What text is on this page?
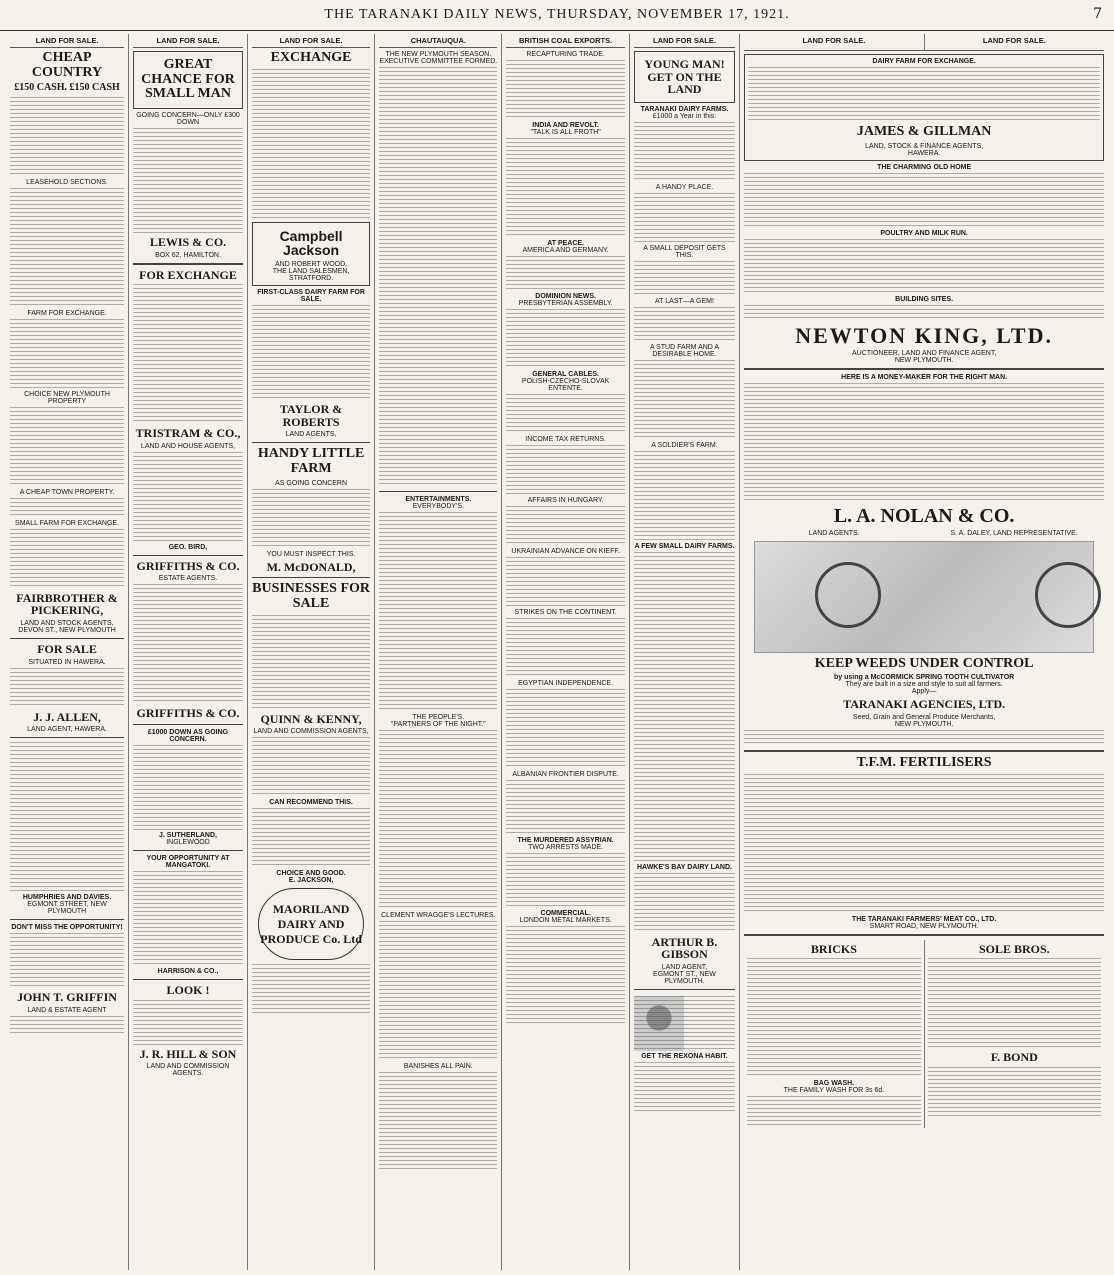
THE TARANAKI DAILY NEWS, THURSDAY, NOVEMBER 17, 1921.	7
LAND FOR SALE.
CHEAP COUNTRY
£150 CASH. £150 CASH
LEASEHOLD SECTIONS.
FARM FOR EXCHANGE.
CHOICE NEW PLYMOUTH PROPERTY
A CHEAP TOWN PROPERTY.
SMALL FARM FOR EXCHANGE.
FAIRBROTHER & PICKERING,
LAND AND STOCK AGENTS,
DEVON ST., NEW PLYMOUTH
FOR SALE
SITUATED IN HAWERA.
J. J. ALLEN,
LAND AGENT, HAWERA.
HUMPHRIES AND DAVIES.
EGMONT STREET, NEW PLYMOUTH
DON'T MISS THE OPPORTUNITY!
JOHN T. GRIFFIN
LAND & ESTATE AGENT
LAND FOR SALE.
GREAT CHANCE FOR SMALL MAN
GOING CONCERN—ONLY £300 DOWN
LEWIS & CO.
BOX 62, HAMILTON.
FOR EXCHANGE
TRISTRAM & CO.,
LAND AND HOUSE AGENTS,
GEO. BIRD,
GRIFFITHS & CO.
ESTATE AGENTS.
GRIFFITHS & CO.
£1000 DOWN AS GOING CONCERN.
J. SUTHERLAND,
INGLEWOOD
YOUR OPPORTUNITY AT MANGATOKI.
HARRISON & CO.,
LOOK !
J. R. HILL & SON
LAND AND COMMISSION AGENTS.
LAND FOR SALE.
EXCHANGE
Campbell Jackson
AND ROBERT WOOD,
THE LAND SALESMEN,
STRATFORD.
FIRST-CLASS DAIRY FARM FOR SALE.
TAYLOR & ROBERTS
LAND AGENTS,
HANDY LITTLE FARM
AS GOING CONCERN
YOU MUST INSPECT THIS.
M. McDONALD,
BUSINESSES FOR SALE
QUINN & KENNY,
LAND AND COMMISSION AGENTS,
CAN RECOMMEND THIS.
CHOICE AND GOOD.
E. JACKSON,
MAORILAND DAIRY AND PRODUCE Co. Ltd
CHAUTAUQUA.
THE NEW PLYMOUTH SEASON.
EXECUTIVE COMMITTEE FORMED.
ENTERTAINMENTS.
EVERYBODY'S.
THE PEOPLE'S.
"PARTNERS OF THE NIGHT."
CLEMENT WRAGGE'S LECTURES.
BANISHES ALL PAIN.
BRITISH COAL EXPORTS.
RECAPTURING TRADE.
INDIA AND REVOLT.
"TALK IS ALL FROTH"
AT PEACE.
AMERICA AND GERMANY.
DOMINION NEWS.
PRESBYTERIAN ASSEMBLY.
GENERAL CABLES.
POLISH-CZECHO-SLOVAK ENTENTE.
INCOME TAX RETURNS.
AFFAIRS IN HUNGARY.
UKRAINIAN ADVANCE ON KIEFF.
STRIKES ON THE CONTINENT.
EGYPTIAN INDEPENDENCE.
ALBANIAN FRONTIER DISPUTE.
THE MURDERED ASSYRIAN.
TWO ARRESTS MADE.
COMMERCIAL.
LONDON METAL MARKETS.
LAND FOR SALE.
YOUNG MAN! GET ON THE LAND
TARANAKI DAIRY FARMS.
£1000 a Year in this:
A HANDY PLACE.
A SMALL DEPOSIT GETS THIS.
AT LAST—A GEM!
A STUD FARM AND A DESIRABLE HOME.
A SOLDIER'S FARM.
A FEW SMALL DAIRY FARMS.
HAWKE'S BAY DAIRY LAND.
ARTHUR B. GIBSON
LAND AGENT,
EGMONT ST., NEW PLYMOUTH.
GET THE REXONA HABIT.
LAND FOR SALE.	LAND FOR SALE.
DAIRY FARM FOR EXCHANGE.
JAMES & GILLMAN
LAND, STOCK & FINANCE AGENTS,
HAWERA.
THE CHARMING OLD HOME
POULTRY AND MILK RUN.
BUILDING SITES.
NEWTON KING, LTD.
AUCTIONEER, LAND AND FINANCE AGENT,
NEW PLYMOUTH.
HERE IS A MONEY-MAKER FOR THE RIGHT MAN.
L. A. NOLAN & CO.
LAND AGENTS.	S. A. DALEY, LAND REPRESENTATIVE.
KEEP WEEDS UNDER CONTROL
by using a McCORMICK SPRING TOOTH CULTIVATOR
They are built in a size and style to suit all farmers.
Apply—
TARANAKI AGENCIES, LTD.
Seed, Grain and General Produce Merchants,
NEW PLYMOUTH.
T.F.M. FERTILISERS
THE TARANAKI FARMERS' MEAT CO., LTD.
SMART ROAD, NEW PLYMOUTH.
BRICKS
BAG WASH.
THE FAMILY WASH FOR 3s 6d.
SOLE BROS.
F. BOND
